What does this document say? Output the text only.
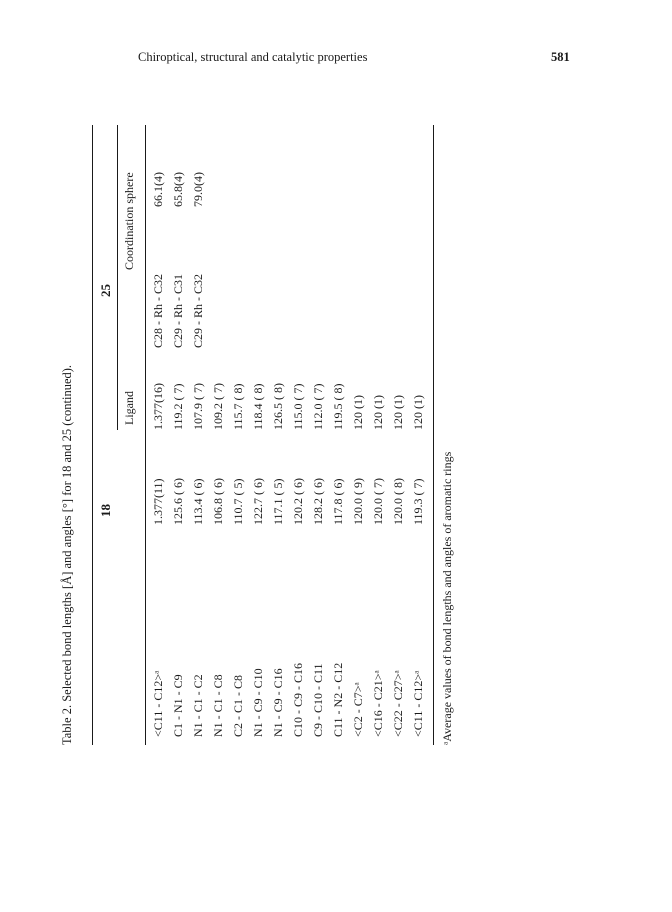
Chiroptical, structural and catalytic properties	581
Table 2. Selected bond lengths [Å] and angles [°] for 18 and 25 (continued). 18
25
Ligand
Coordination sphere
<C11 - C12>ᵃ
1.377(11)
1.377(16)
C28 - Rh - C32
66.1(4)
C1 - N1 - C9
125.6 ( 6)
119.2 ( 7)
C29 - Rh - C31
65.8(4)
N1 - C1 - C2
113.4 ( 6)
107.9 ( 7)
C29 - Rh - C32
79.0(4)
N1 - C1 - C8
106.8 ( 6)
109.2 ( 7)
C2 - C1 - C8
110.7 ( 5)
115.7 ( 8)
N1 - C9 - C10
122.7 ( 6)
118.4 ( 8)
N1 - C9 - C16
117.1 ( 5)
126.5 ( 8)
C10 - C9 - C16
120.2 ( 6)
115.0 ( 7)
C9 - C10 - C11
128.2 ( 6)
112.0 ( 7)
C11 - N2 - C12
117.8 ( 6)
119.5 ( 8)
<C2 - C7>ᵃ
120.0 ( 9)
120 (1)
<C16 - C21>ᵃ
120.0 ( 7)
120 (1)
<C22 - C27>ᵃ
120.0 ( 8)
120 (1)
<C11 - C12>ᵃ
119.3 ( 7)
120 (1)
ᵃAverage values of bond lengths and angles of aromatic rings
